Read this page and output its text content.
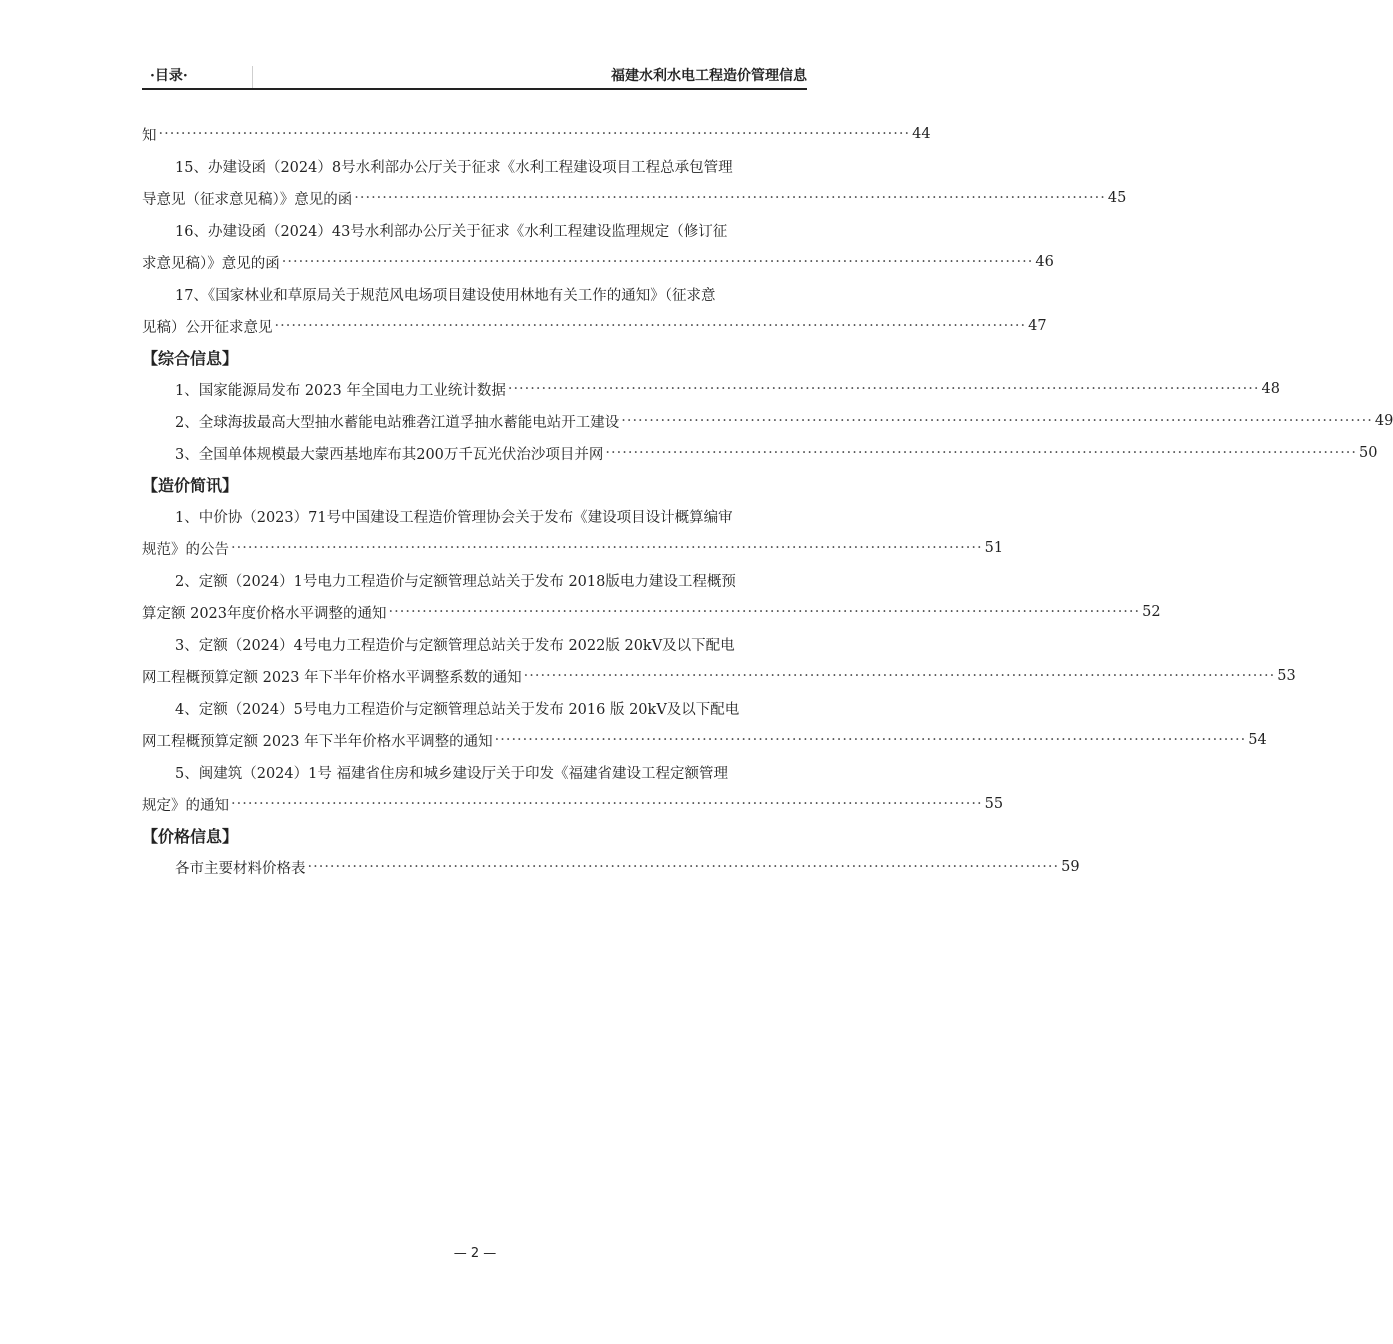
·目录·	福建水利水电工程造价管理信息
知 ······································································································································ 44
15、办建设函（2024）8号水利部办公厅关于征求《水利工程建设项目工程总承包管理
导意见（征求意见稿）》意见的函 ······································································································································ 45
16、办建设函（2024）43号水利部办公厅关于征求《水利工程建设监理规定（修订征
求意见稿）》意见的函 ······································································································································ 46
17、《国家林业和草原局关于规范风电场项目建设使用林地有关工作的通知》（征求意
见稿）公开征求意见 ······································································································································ 47
【综合信息】
1、国家能源局发布 2023 年全国电力工业统计数据 ······································································································································ 48
2、全球海拔最高大型抽水蓄能电站雅砻江道孚抽水蓄能电站开工建设 ······································································································································ 49
3、全国单体规模最大蒙西基地库布其200万千瓦光伏治沙项目并网 ······································································································································ 50
【造价简讯】
1、中价协（2023）71号中国建设工程造价管理协会关于发布《建设项目设计概算编审
规范》的公告 ······································································································································ 51
2、定额（2024）1号电力工程造价与定额管理总站关于发布 2018版电力建设工程概预
算定额 2023年度价格水平调整的通知 ······································································································································ 52
3、定额（2024）4号电力工程造价与定额管理总站关于发布 2022版 20kV及以下配电
网工程概预算定额 2023 年下半年价格水平调整系数的通知 ······································································································································ 53
4、定额（2024）5号电力工程造价与定额管理总站关于发布 2016 版 20kV及以下配电
网工程概预算定额 2023 年下半年价格水平调整的通知 ······································································································································ 54
5、闽建筑（2024）1号 福建省住房和城乡建设厅关于印发《福建省建设工程定额管理
规定》的通知 ······································································································································ 55
【价格信息】
各市主要材料价格表 ······································································································································ 59
— 2 —
